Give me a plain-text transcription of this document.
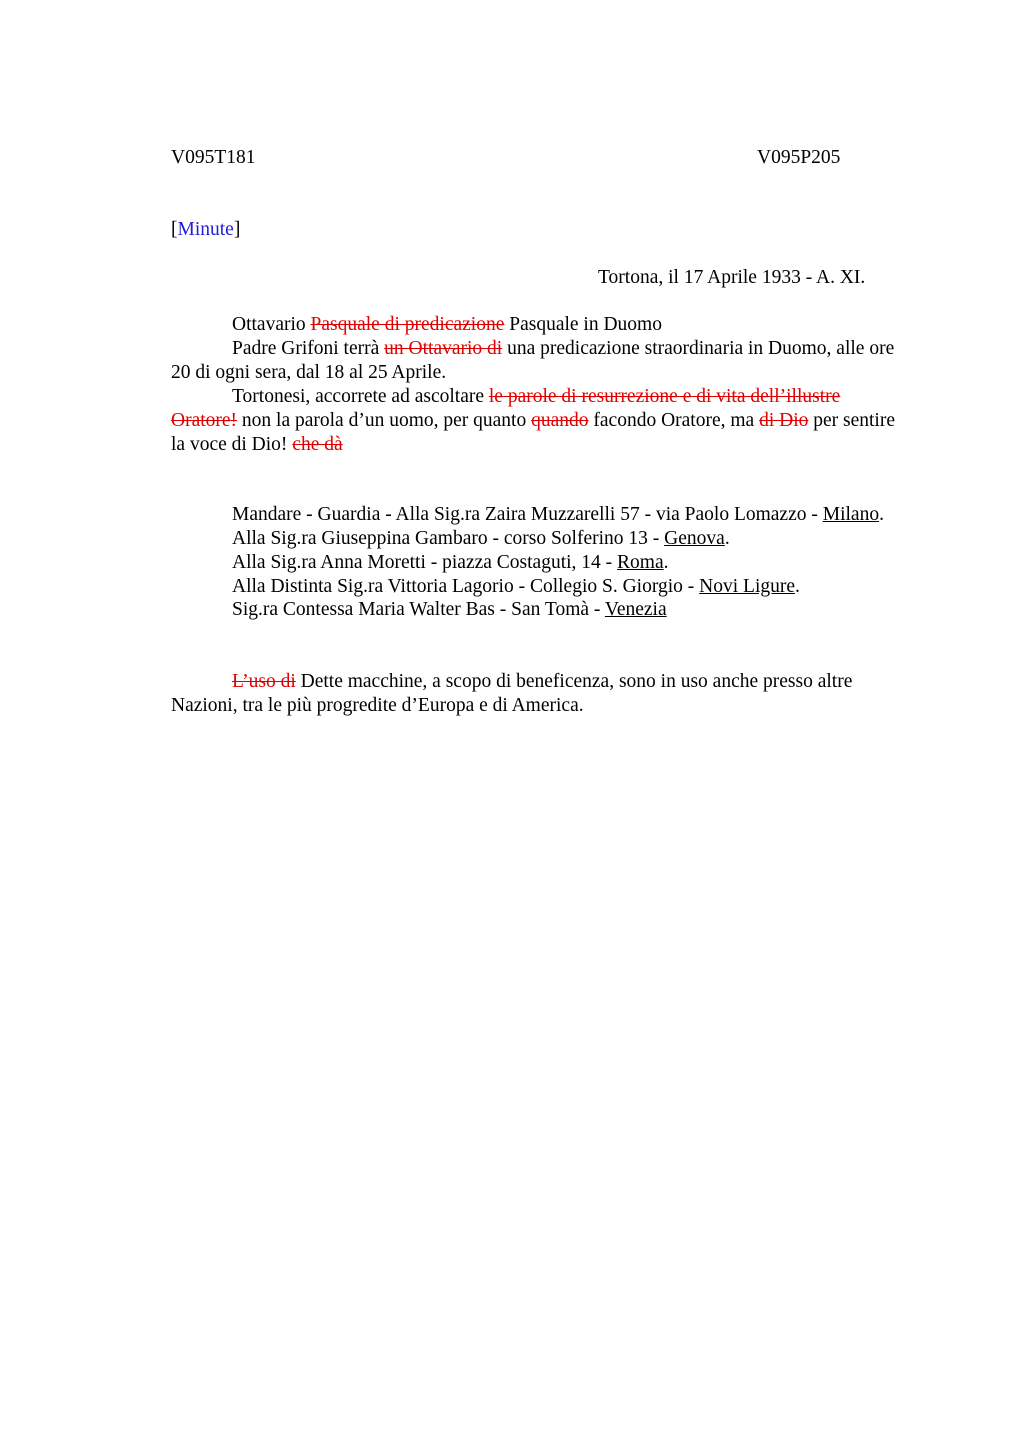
V095T181	V095P205
[Minute]
Tortona, il 17 Aprile 1933 - A. XI.
Ottavario Pasquale di predicazione Pasquale in Duomo

Padre Grifoni terrà un Ottavario di una predicazione straordinaria in Duomo, alle ore 20 di ogni sera, dal 18 al 25 Aprile.

Tortonesi, accorrete ad ascoltare le parole di resurrezione e di vita dell’illustre Oratore! non la parola d’un uomo, per quanto quando facondo Oratore, ma di Dio per sentire la voce di Dio! che dà

Mandare - Guardia - Alla Sig.ra Zaira Muzzarelli 57 - via Paolo Lomazzo - Milano.
Alla Sig.ra Giuseppina Gambaro - corso Solferino 13 - Genova.
Alla Sig.ra Anna Moretti - piazza Costaguti, 14 - Roma.
Alla Distinta Sig.ra Vittoria Lagorio - Collegio S. Giorgio - Novi Ligure.
Sig.ra Contessa Maria Walter Bas - San Tomà - Venezia

L’uso di Dette macchine, a scopo di beneficenza, sono in uso anche presso altre Nazioni, tra le più progredite d’Europa e di America.
